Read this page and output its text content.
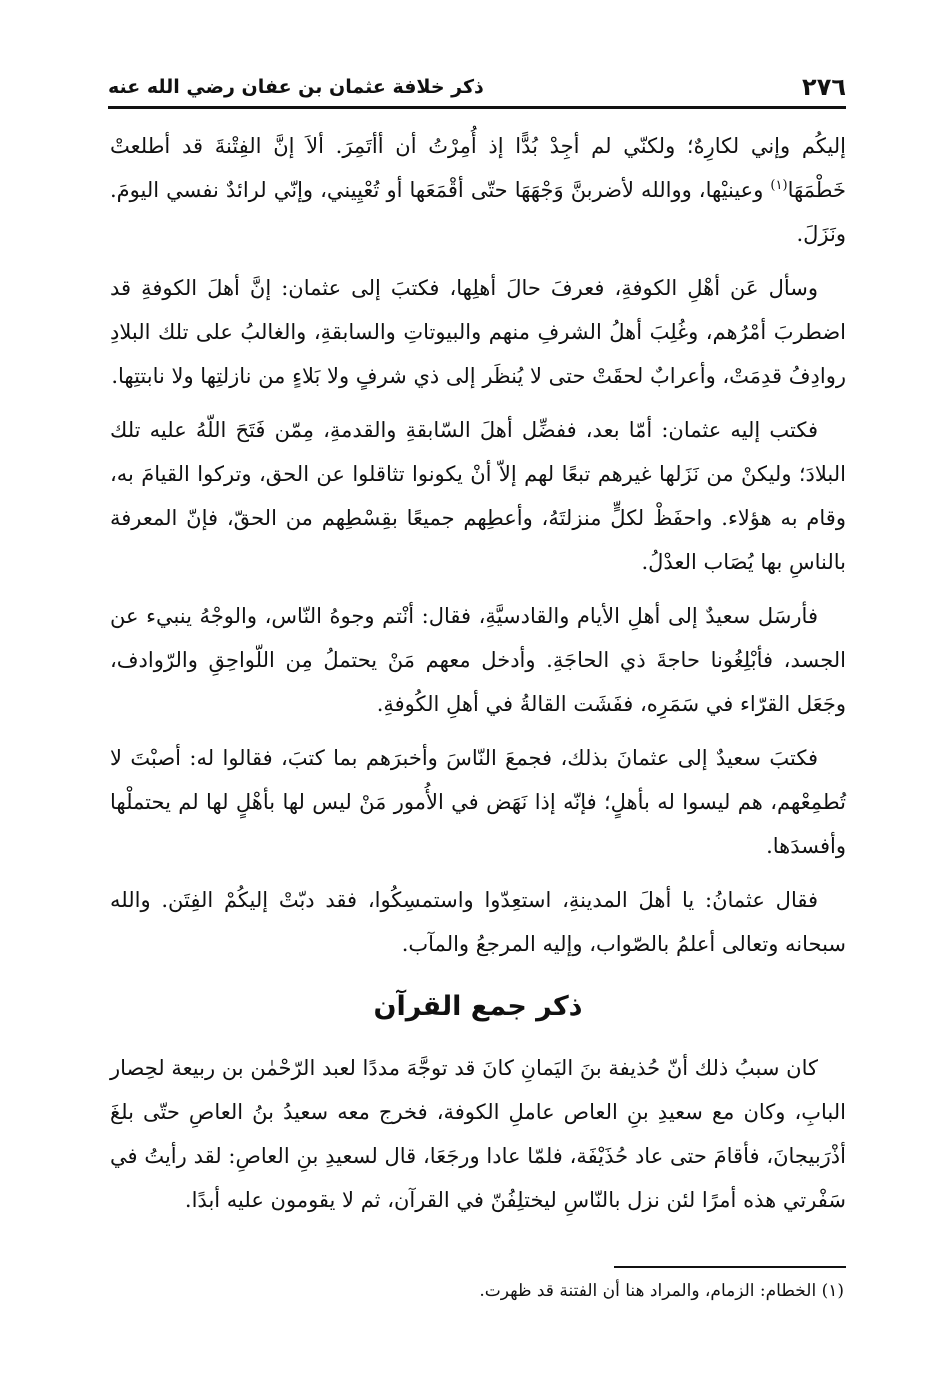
٢٧٦
ذكر خلافة عثمان بن عفان رضي الله عنه

إليكُم وإني لكارِهٌ؛ ولكنّي لم أجِدْ بُدًّا إذ أُمِرْتُ أن أأتَمِرَ. ألاَ إنَّ الفِتْنةَ قد أطلعتْ خَطْمَهَا$^{(١)}$ وعينيْها، ووالله لأضربنَّ وَجْهَهَا حتّى أقْمَعَها أو تُعْيِيني، وإنّي لرائدٌ نفسي اليومَ. ونَزَلَ.

وسأل عَن أهْلِ الكوفةِ، فعرفَ حالَ أهلِها، فكتبَ إلى عثمان: إنَّ أهلَ الكوفةِ قد اضطربَ أمْرُهم، وغُلِبَ أهلُ الشرفِ منهم والبيوتاتِ والسابقةِ، والغالبُ على تلك البلادِ روادِفُ قدِمَتْ، وأعرابٌ لحقَتْ حتى لا يُنظَر إلى ذي شرفٍ ولا بَلاءٍ من نازلتِها ولا نابتتِها.

فكتب إليه عثمان: أمّا بعد، ففضِّل أهلَ السّابقةِ والقدمةِ، مِمّن فَتَحَ اللّهُ عليه تلك البلادَ؛ وليكنْ من نَزَلها غيرهم تبعًا لهم إلاّ أنْ يكونوا تثاقلوا عن الحق، وتركوا القيامَ به، وقام به هؤلاء. واحفَظْ لكلٍّ منزلتَهُ، وأعطِهم جميعًا بقِسْطِهم من الحقّ، فإنّ المعرفة بالناسِ بها يُصَاب العدْلُ.

فأرسَل سعيدٌ إلى أهلِ الأيام والقادسيَّةِ، فقال: أنْتم وجوهُ النّاس، والوجْهُ ينبيء عن الجسد، فأبْلِغُونا حاجةَ ذي الحاجَةِ. وأدخل معهم مَنْ يحتملُ مِن اللّواحِقِ والرّوادف، وجَعَل القرّاء في سَمَرِه، ففَشَت القالةُ في أهلِ الكُوفةِ.

فكتبَ سعيدٌ إلى عثمانَ بذلك، فجمعَ النّاسَ وأخبرَهم بما كتبَ، فقالوا له: أصبْتَ لا تُطمِعْهم، هم ليسوا له بأهلٍ؛ فإنّه إذا نَهَض في الأُمور مَنْ ليس لها بأهْلٍ لها لم يحتملْها وأفسدَها.

فقال عثمانُ: يا أهلَ المدينةِ، استعِدّوا واستمسِكُوا، فقد دبّتْ إليكُمْ الفِتَن. والله سبحانه وتعالى أعلمُ بالصّواب، وإليه المرجعُ والمآب.

ذكر جمع القرآن

كان سببُ ذلك أنّ حُذيفة بنَ اليَمانِ كانَ قد توجَّهَ مددًا لعبد الرّحْمٰن بن ربيعة لحِصار البابِ، وكان مع سعيدِ بنِ العاص عاملِ الكوفة، فخرج معه سعيدُ بنُ العاصِ حتّى بلغَ أذْرَبيجانَ، فأقامَ حتى عاد حُذَيْفَة، فلمّا عادا ورجَعَا، قال لسعيدِ بنِ العاصِ: لقد رأيتُ في سَفْرتي هذه أمرًا لئن نزل بالنّاسِ ليختلِفُنّ في القرآن، ثم لا يقومون عليه أبدًا.

(١) الخطام: الزمام، والمراد هنا أن الفتنة قد ظهرت.
